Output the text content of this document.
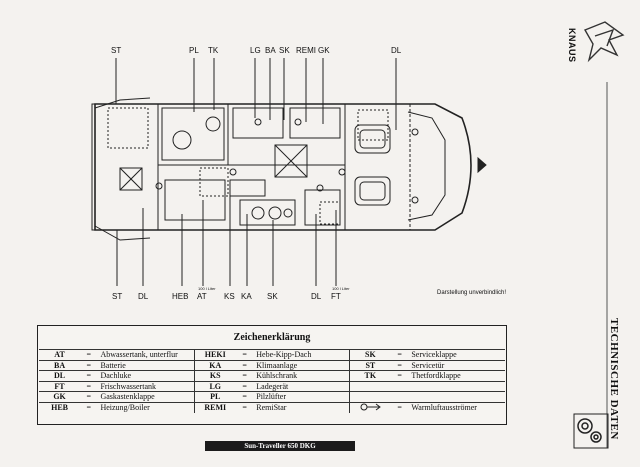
ST	PL TK	LG BA SK REMI GK	DL
ST DL	HEB AT KS KA SK	DL FT
100 l Liter	100 l Liter
Darstellung unverbindlich!
Zeichenerklärung
AT	=	Abwassertank, unterflur	HEKI	=	Hebe-Kipp-Dach	SK	=	Serviceklappe
BA	=	Batterie	KA	=	Klimaanlage	ST	=	Servicetür
DL	=	Dachluke	KS	=	Kühlschrank	TK	=	Thetfordklappe
FT	=	Frischwassertank	LG	=	Ladegerät			
GK	=	Gaskastenklappe	PL	=	Pilzlüfter			
HEB	=	Heizung/Boiler	REMI	=	RemiStar		=	Warmluftausströmer
Sun-Traveller 650 DKG
KNAUS
TECHNISCHE DATEN
